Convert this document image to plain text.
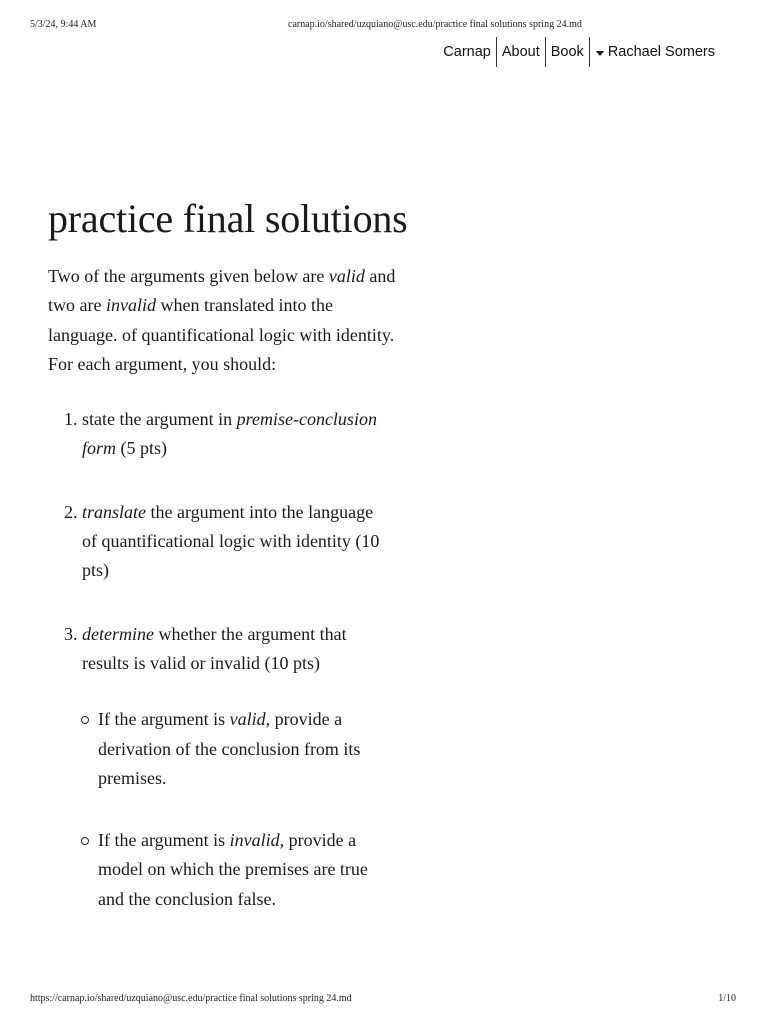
5/3/24, 9:44 AM	carnap.io/shared/uzquiano@usc.edu/practice final solutions spring 24.md
Carnap About Book	Rachael Somers
practice final solutions

Two of the arguments given below are valid and two are invalid when translated into the language. of quantificational logic with identity. For each argument, you should:

1. state the argument in premise-conclusion form (5 pts)
2. translate the argument into the language of quantificational logic with identity (10 pts)
3. determine whether the argument that results is valid or invalid (10 pts)
If the argument is valid, provide a derivation of the conclusion from its premises.
If the argument is invalid, provide a model on which the premises are true and the conclusion false.
https://carnap.io/shared/uzquiano@usc.edu/practice final solutions spring 24.md	1/10
